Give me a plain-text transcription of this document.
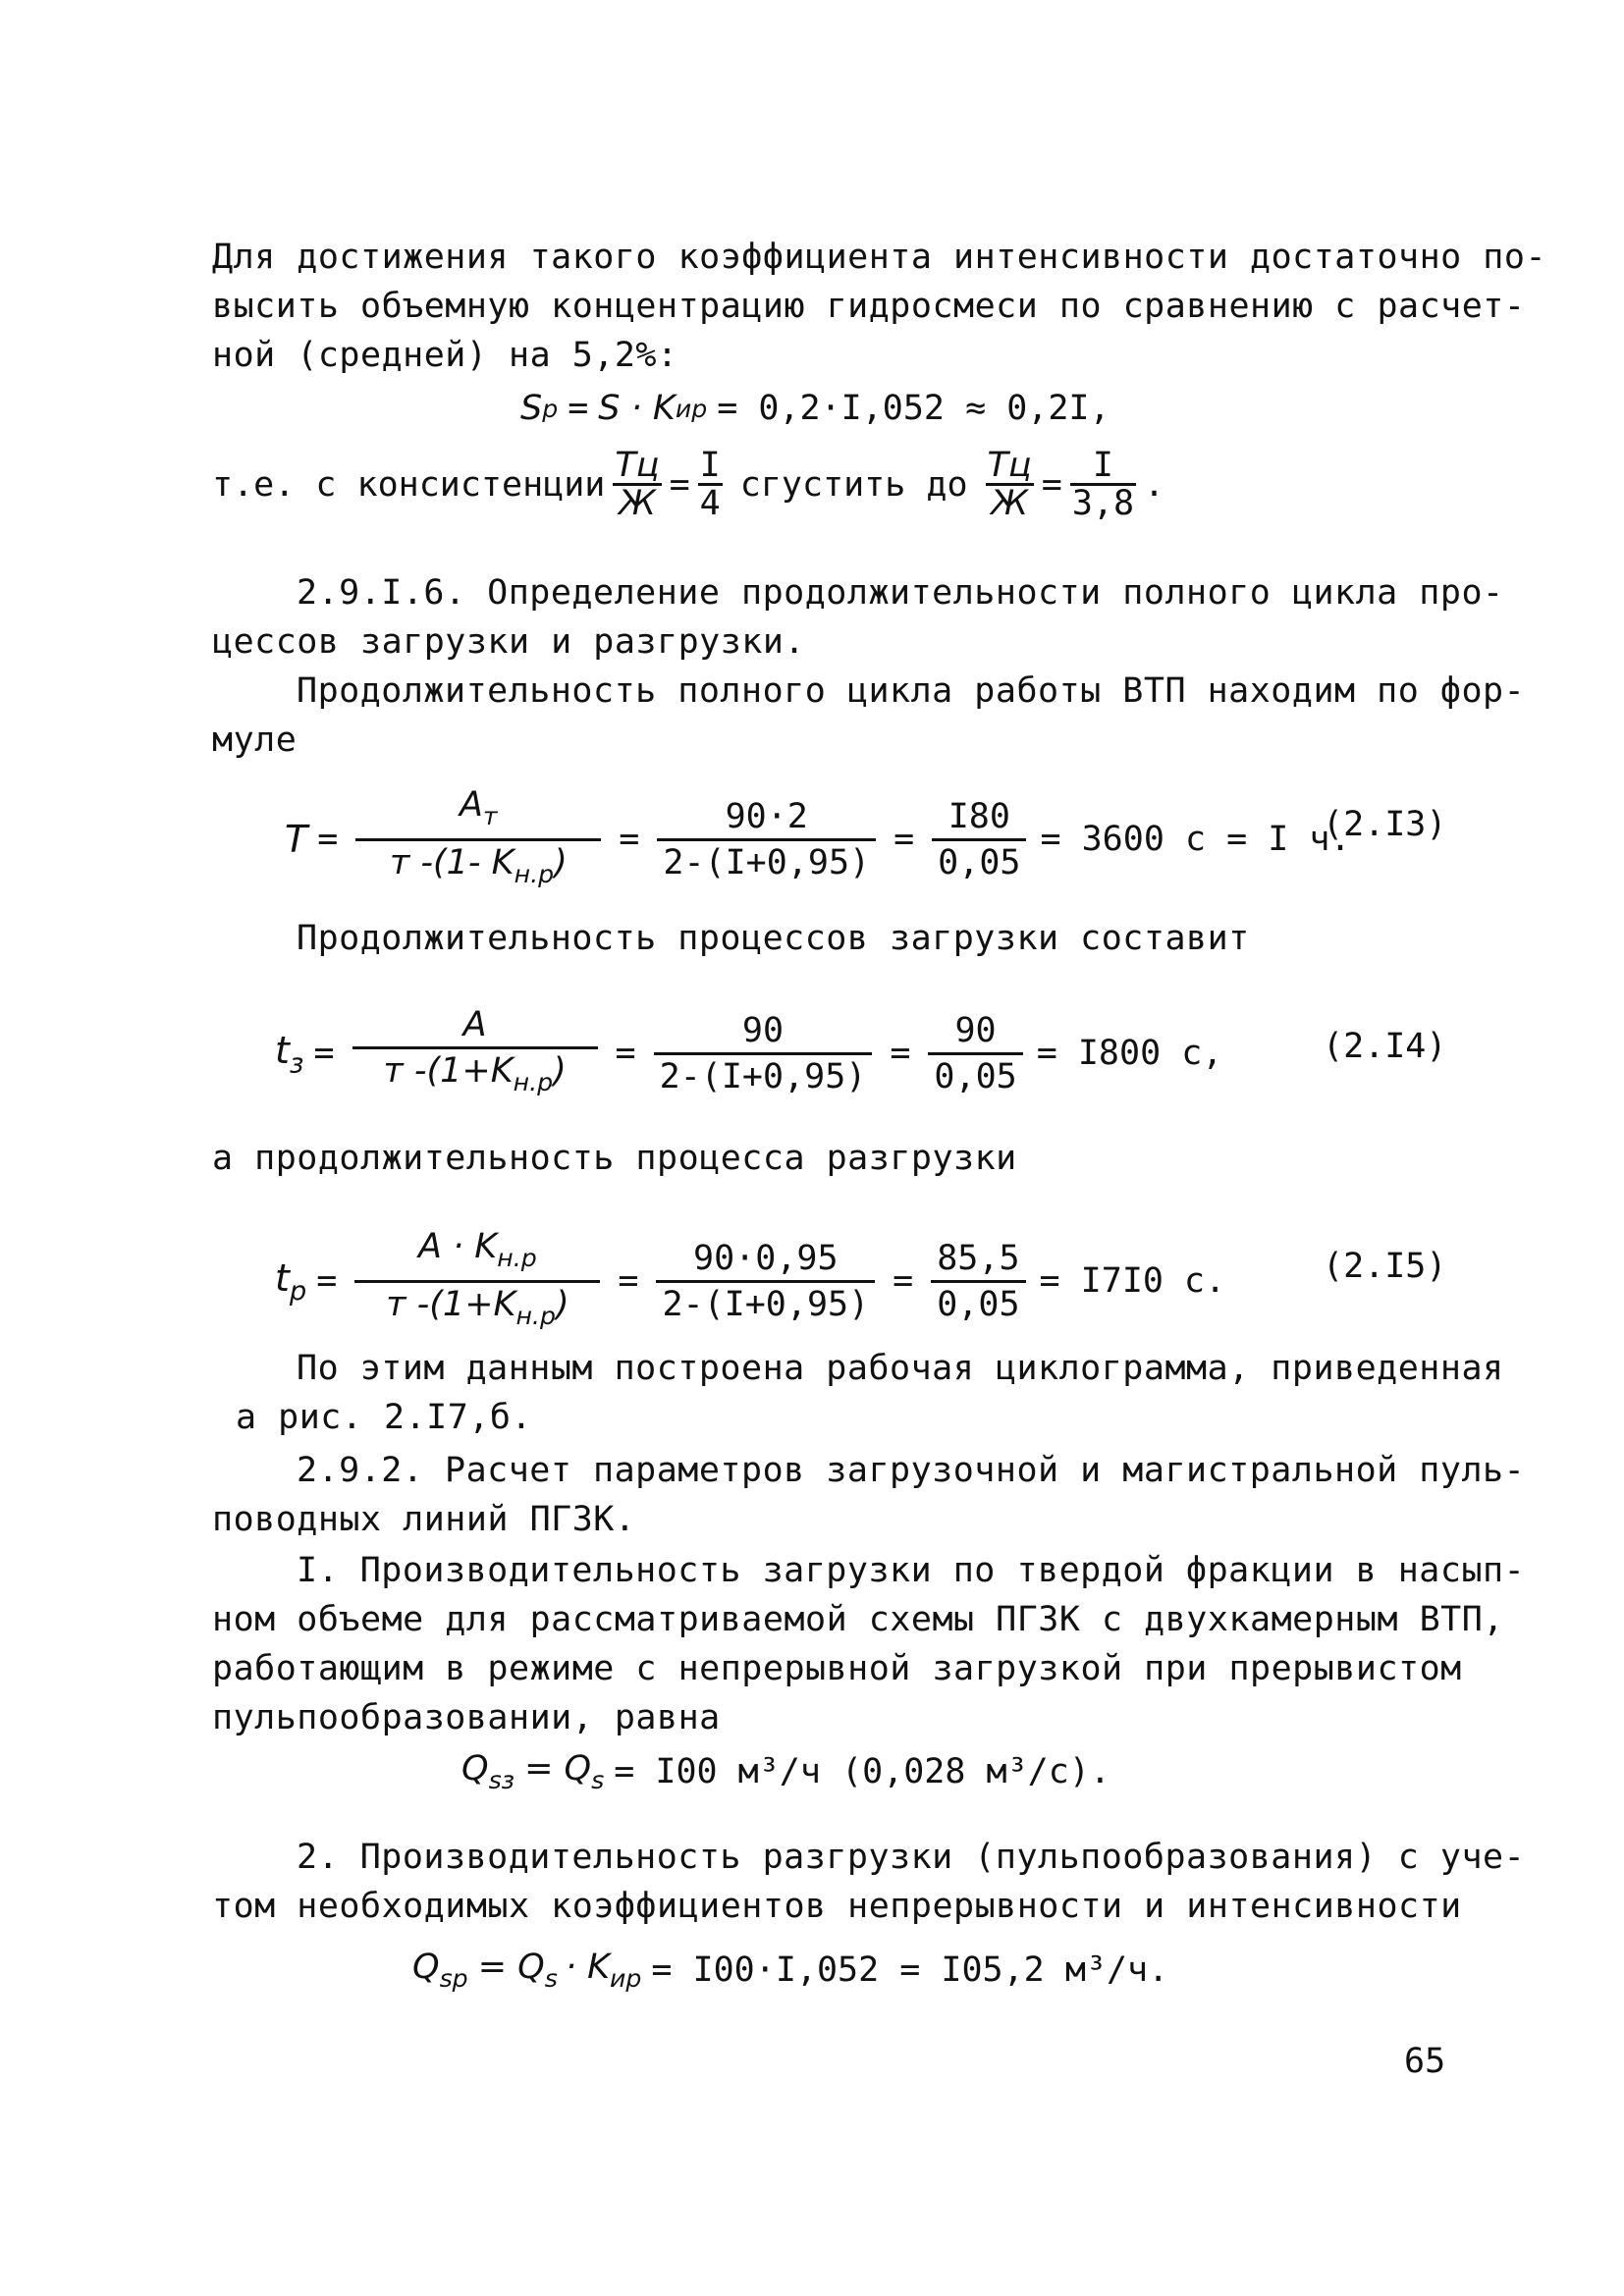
Для достижения такого коэффициента интенсивности достаточно по-
высить объемную концентрацию гидросмеси по сравнению с расчет-
ной (средней) на 5,2%:
S p = S · K ир = 0,2·I,052 ≈ 0,2I,
т.е. с консистенции $\frac{Тц}{Ж} = \frac{I}{4}$ сгустить до $\frac{Тц}{Ж} = \frac{I}{3,8}$ .
2.9.I.6. Определение продолжительности полного цикла про-
цессов загрузки и разгрузки.
Продолжительность полного цикла работы ВТП находим по фор-
муле
$T = \frac{A_т}{т -(1- K_{н.р})} = \frac{90\cdot 2}{2-(I+0,95)} = \frac{I80}{0,05} = 3600$ с = I ч.
(2.I3)
Продолжительность процессов загрузки составит
$t_з = \frac{A}{т -(1+K_{н.р})} = \frac{90}{2-(I+0,95)} = \frac{90}{0,05} = I800$ с,	(2.I4)
а продолжительность процесса разгрузки
$t_p = \frac{A \cdot K_{н.р}}{т -(1+K_{н.р})} = \frac{90\cdot 0,95}{2-(I+0,95)} = \frac{85,5}{0,05} = I7I0$ с.	(2.I5)
По этим данным построена рабочая циклограмма, приведенная
а рис. 2.I7,б.
2.9.2. Расчет параметров загрузочной и магистральной пуль-
поводных линий ПГЗК.
I. Производительность загрузки по твердой фракции в насып-
ном объеме для рассматриваемой схемы ПГЗК с двухкамерным ВТП,
работающим в режиме с непрерывной загрузкой при прерывистом
пульпообразовании, равна
$Q_{sз} = Q_s = I00$ м³/ч (0,028 м³/с).
2. Производительность разгрузки (пульпообразования) с уче-
том необходимых коэффициентов непрерывности и интенсивности
$Q_{sp} = Q_s \cdot K_{ир} = I00\cdot I,052 = I05,2$ м³/ч.
65
